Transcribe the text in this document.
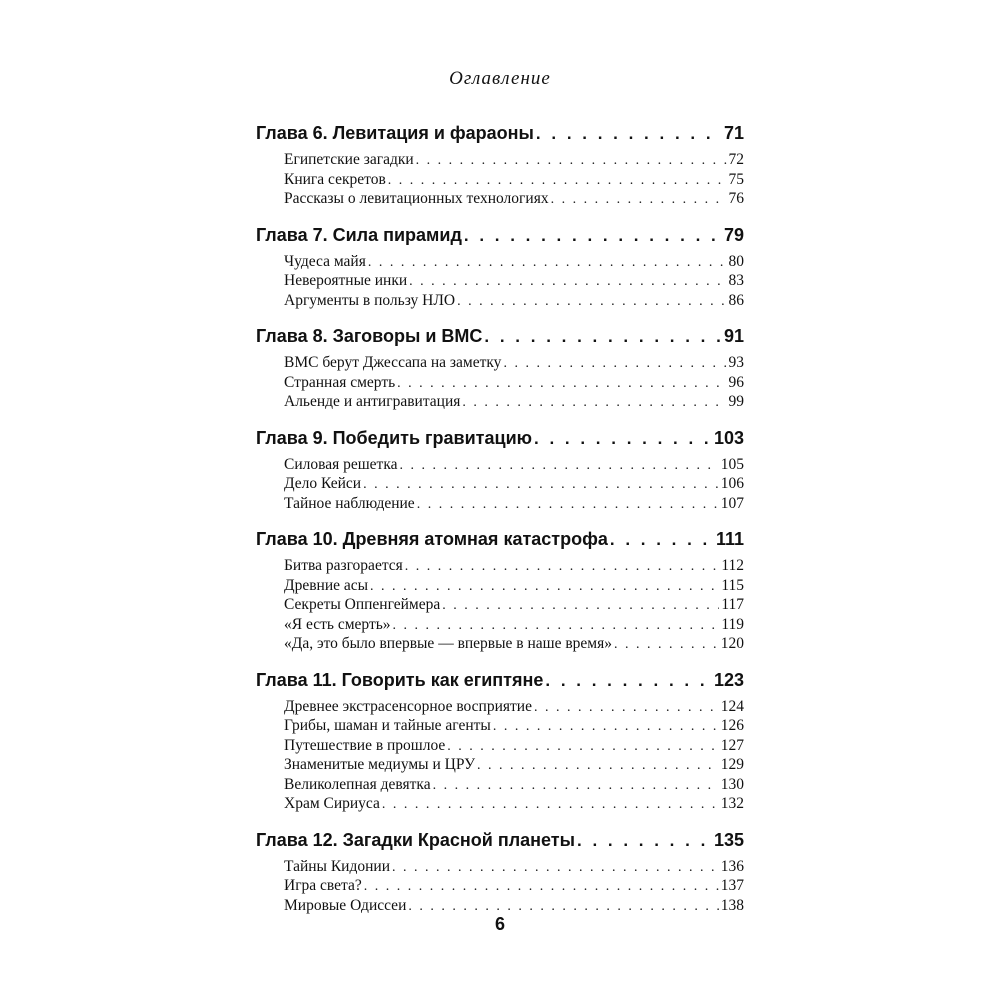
Оглавление
Глава 6. Левитация и фараоны . . .	71
Египетские загадки . . .	72
Книга секретов . . .	75
Рассказы о левитационных технологиях . . .	76
Глава 7. Сила пирамид . . .	79
Чудеса майя . . .	80
Невероятные инки . . .	83
Аргументы в пользу НЛО . . .	86
Глава 8. Заговоры и ВМС . . .	91
ВМС берут Джессапа на заметку . . .	93
Странная смерть . . .	96
Альенде и антигравитация . . .	99
Глава 9. Победить гравитацию . . .	103
Силовая решетка . . .	105
Дело Кейси . . .	106
Тайное наблюдение . . .	107
Глава 10. Древняя атомная катастрофа . . .	111
Битва разгорается . . .	112
Древние асы . . .	115
Секреты Оппенгеймера . . .	117
«Я есть смерть» . . .	119
«Да, это было впервые — впервые в наше время» . . .	120
Глава 11. Говорить как египтяне . . .	123
Древнее экстрасенсорное восприятие . . .	124
Грибы, шаман и тайные агенты . . .	126
Путешествие в прошлое . . .	127
Знаменитые медиумы и ЦРУ . . .	129
Великолепная девятка . . .	130
Храм Сириуса . . .	132
Глава 12. Загадки Красной планеты . . .	135
Тайны Кидонии . . .	136
Игра света? . . .	137
Мировые Одиссеи . . .	138
6
